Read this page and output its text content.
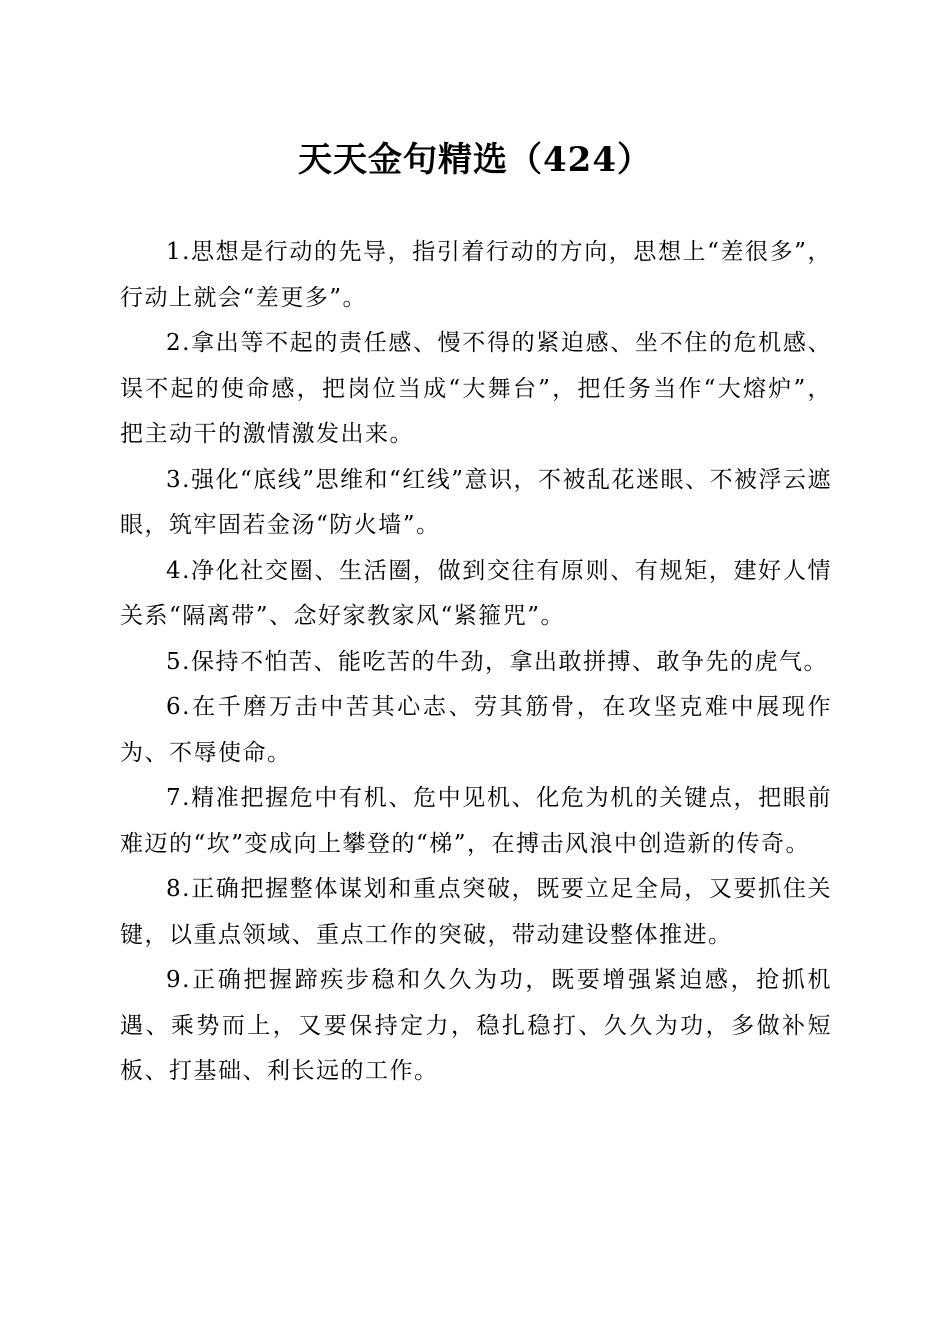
天天金句精选（424）

1.思想是行动的先导，指引着行动的方向，思想上“差很多”，行动上就会“差更多”。

2.拿出等不起的责任感、慢不得的紧迫感、坐不住的危机感、误不起的使命感，把岗位当成“大舞台”，把任务当作“大熔炉”，把主动干的激情激发出来。

3.强化“底线”思维和“红线”意识，不被乱花迷眼、不被浮云遮眼，筑牢固若金汤“防火墙”。

4.净化社交圈、生活圈，做到交往有原则、有规矩，建好人情关系“隔离带”、念好家教家风“紧箍咒”。

5.保持不怕苦、能吃苦的牛劲，拿出敢拼搏、敢争先的虎气。

6.在千磨万击中苦其心志、劳其筋骨，在攻坚克难中展现作为、不辱使命。

7.精准把握危中有机、危中见机、化危为机的关键点，把眼前难迈的“坎”变成向上攀登的“梯”，在搏击风浪中创造新的传奇。

8.正确把握整体谋划和重点突破，既要立足全局，又要抓住关键，以重点领域、重点工作的突破，带动建设整体推进。

9.正确把握蹄疾步稳和久久为功，既要增强紧迫感，抢抓机遇、乘势而上，又要保持定力，稳扎稳打、久久为功，多做补短板、打基础、利长远的工作。
